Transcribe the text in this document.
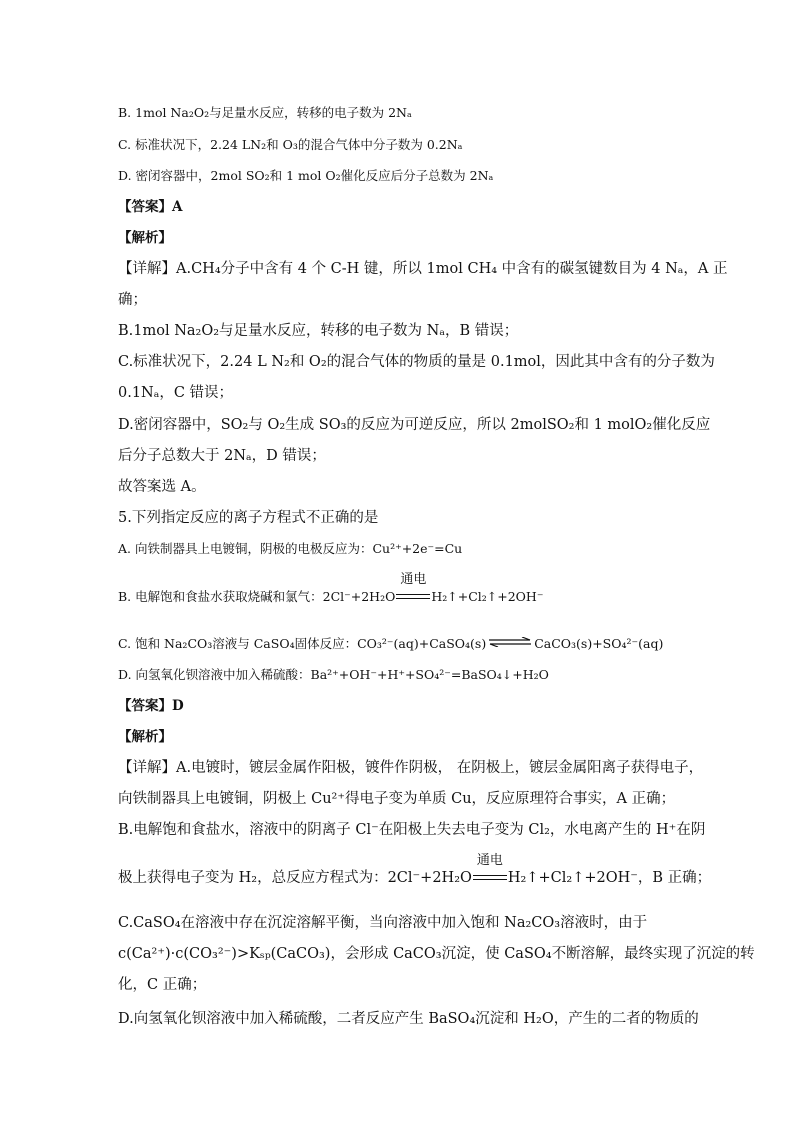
B. 1mol Na₂O₂与足量水反应，转移的电子数为 2Nₐ
C. 标准状况下，2.24 LN₂和 O₃的混合气体中分子数为 0.2Nₐ
D. 密闭容器中，2mol SO₂和 1 mol O₂催化反应后分子总数为 2Nₐ
【答案】A
【解析】
【详解】A.CH₄分子中含有 4 个 C-H 键，所以 1mol CH₄ 中含有的碳氢键数目为 4 Nₐ，A 正
确；
B.1mol Na₂O₂与足量水反应，转移的电子数为 Nₐ，B 错误；
C.标准状况下，2.24 L N₂和 O₂的混合气体的物质的量是 0.1mol，因此其中含有的分子数为
0.1Nₐ，C 错误；
D.密闭容器中，SO₂与 O₂生成 SO₃的反应为可逆反应，所以 2molSO₂和 1 molO₂催化反应
后分子总数大于 2Nₐ，D 错误；
故答案选 A。
5.下列指定反应的离子方程式不正确的是
A. 向铁制器具上电镀铜，阴极的电极反应为：Cu²⁺+2e⁻=Cu
B. 电解饱和食盐水获取烧碱和氯气：2Cl⁻+2H₂O
通电
H₂↑+Cl₂↑+2OH⁻
C. 饱和 Na₂CO₃溶液与 CaSO₄固体反应：CO₃²⁻(aq)+CaSO₄(s) ⇌ CaCO₃(s)+SO₄²⁻(aq)
D. 向氢氧化钡溶液中加入稀硫酸：Ba²⁺+OH⁻+H⁺+SO₄²⁻=BaSO₄↓+H₂O
【答案】D
【解析】
【详解】A.电镀时，镀层金属作阳极，镀件作阴极， 在阴极上，镀层金属阳离子获得电子，
向铁制器具上电镀铜，阴极上 Cu²⁺得电子变为单质 Cu，反应原理符合事实，A 正确；
B.电解饱和食盐水，溶液中的阴离子 Cl⁻在阳极上失去电子变为 Cl₂，水电离产生的 H⁺在阴
极上获得电子变为 H₂，总反应方程式为：2Cl⁻+2H₂O
通电
H₂↑+Cl₂↑+2OH⁻，B 正确；
C.CaSO₄在溶液中存在沉淀溶解平衡，当向溶液中加入饱和 Na₂CO₃溶液时，由于
c(Ca²⁺)·c(CO₃²⁻)>Kₛₚ(CaCO₃)，会形成 CaCO₃沉淀，使 CaSO₄不断溶解，最终实现了沉淀的转
化，C 正确；
D.向氢氧化钡溶液中加入稀硫酸，二者反应产生 BaSO₄沉淀和 H₂O，产生的二者的物质的
